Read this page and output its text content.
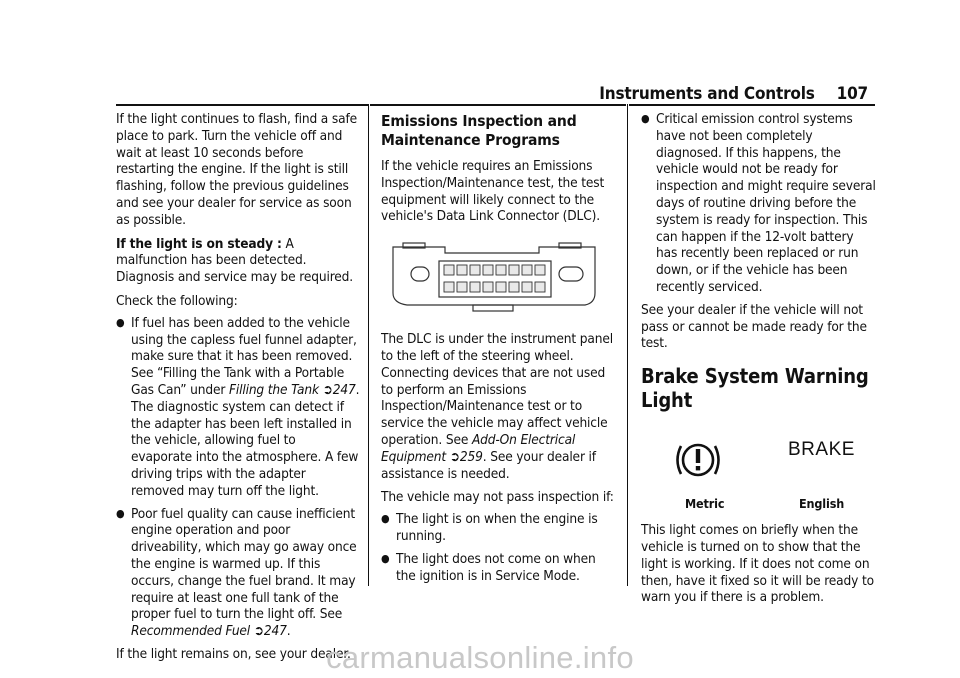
Instruments and Controls 107

If the light continues to flash, find a safe place to park. Turn the vehicle off and wait at least 10 seconds before restarting the engine. If the light is still flashing, follow the previous guidelines and see your dealer for service as soon as possible.

If the light is on steady : A malfunction has been detected. Diagnosis and service may be required.

Check the following:

● If fuel has been added to the vehicle using the capless fuel funnel adapter, make sure that it has been removed. See “Filling the Tank with a Portable Gas Can” under Filling the Tank ➲247. The diagnostic system can detect if the adapter has been left installed in the vehicle, allowing fuel to evaporate into the atmosphere. A few driving trips with the adapter removed may turn off the light.
● Poor fuel quality can cause inefficient engine operation and poor driveability, which may go away once the engine is warmed up. If this occurs, change the fuel brand. It may require at least one full tank of the proper fuel to turn the light off. See Recommended Fuel ➲247.

If the light remains on, see your dealer.

Emissions Inspection and Maintenance Programs

If the vehicle requires an Emissions Inspection/Maintenance test, the test equipment will likely connect to the vehicle's Data Link Connector (DLC).

The DLC is under the instrument panel to the left of the steering wheel. Connecting devices that are not used to perform an Emissions Inspection/Maintenance test or to service the vehicle may affect vehicle operation. See Add-On Electrical Equipment ➲259. See your dealer if assistance is needed.

The vehicle may not pass inspection if:

● The light is on when the engine is running.
● The light does not come on when the ignition is in Service Mode.
● Critical emission control systems have not been completely diagnosed. If this happens, the vehicle would not be ready for inspection and might require several days of routine driving before the system is ready for inspection. This can happen if the 12-volt battery has recently been replaced or run down, or if the vehicle has been recently serviced.

See your dealer if the vehicle will not pass or cannot be made ready for the test.

Brake System Warning Light
BRAKE
Metric	English

This light comes on briefly when the vehicle is turned on to show that the light is working. If it does not come on then, have it fixed so it will be ready to warn you if there is a problem.

carmanualsonline.info
